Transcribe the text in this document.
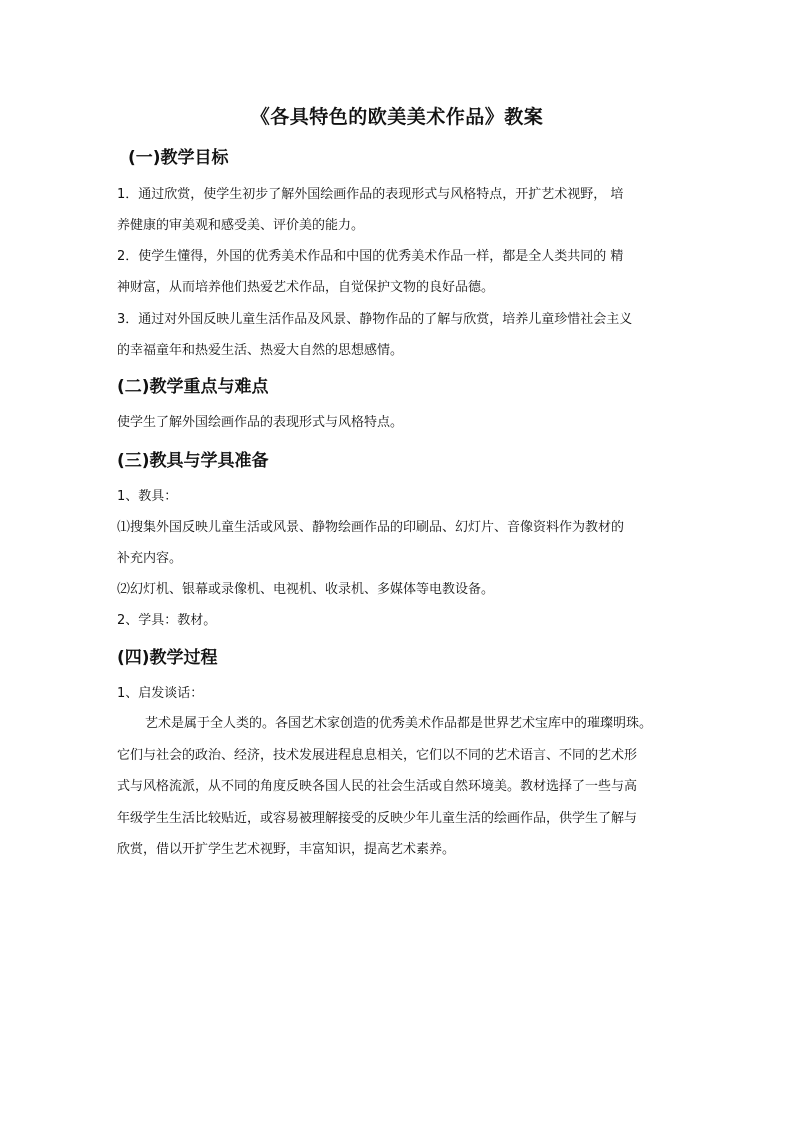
《各具特色的欧美美术作品》教案
(一)教学目标
1．通过欣赏，使学生初步了解外国绘画作品的表现形式与风格特点，开扩艺术视野， 培
养健康的审美观和感受美、评价美的能力。
2．使学生懂得，外国的优秀美术作品和中国的优秀美术作品一样，都是全人类共同的 精
神财富，从而培养他们热爱艺术作品，自觉保护文物的良好品德。
3．通过对外国反映儿童生活作品及风景、静物作品的了解与欣赏，培养儿童珍惜社会主义
的幸福童年和热爱生活、热爱大自然的思想感情。
(二)教学重点与难点
使学生了解外国绘画作品的表现形式与风格特点。
(三)教具与学具准备
1、教具：
⑴搜集外国反映儿童生活或风景、静物绘画作品的印刷品、幻灯片、音像资料作为教材的
补充内容。
⑵幻灯机、银幕或录像机、电视机、收录机、多媒体等电教设备。
2、学具：教材。
(四)教学过程
1、启发谈话：
艺术是属于全人类的。各国艺术家创造的优秀美术作品都是世界艺术宝库中的璀璨明珠。
它们与社会的政治、经济，技术发展进程息息相关，它们以不同的艺术语言、不同的艺术形
式与风格流派，从不同的角度反映各国人民的社会生活或自然环境美。教材选择了一些与高
年级学生生活比较贴近，或容易被理解接受的反映少年儿童生活的绘画作品，供学生了解与
欣赏，借以开扩学生艺术视野，丰富知识，提高艺术素养。
